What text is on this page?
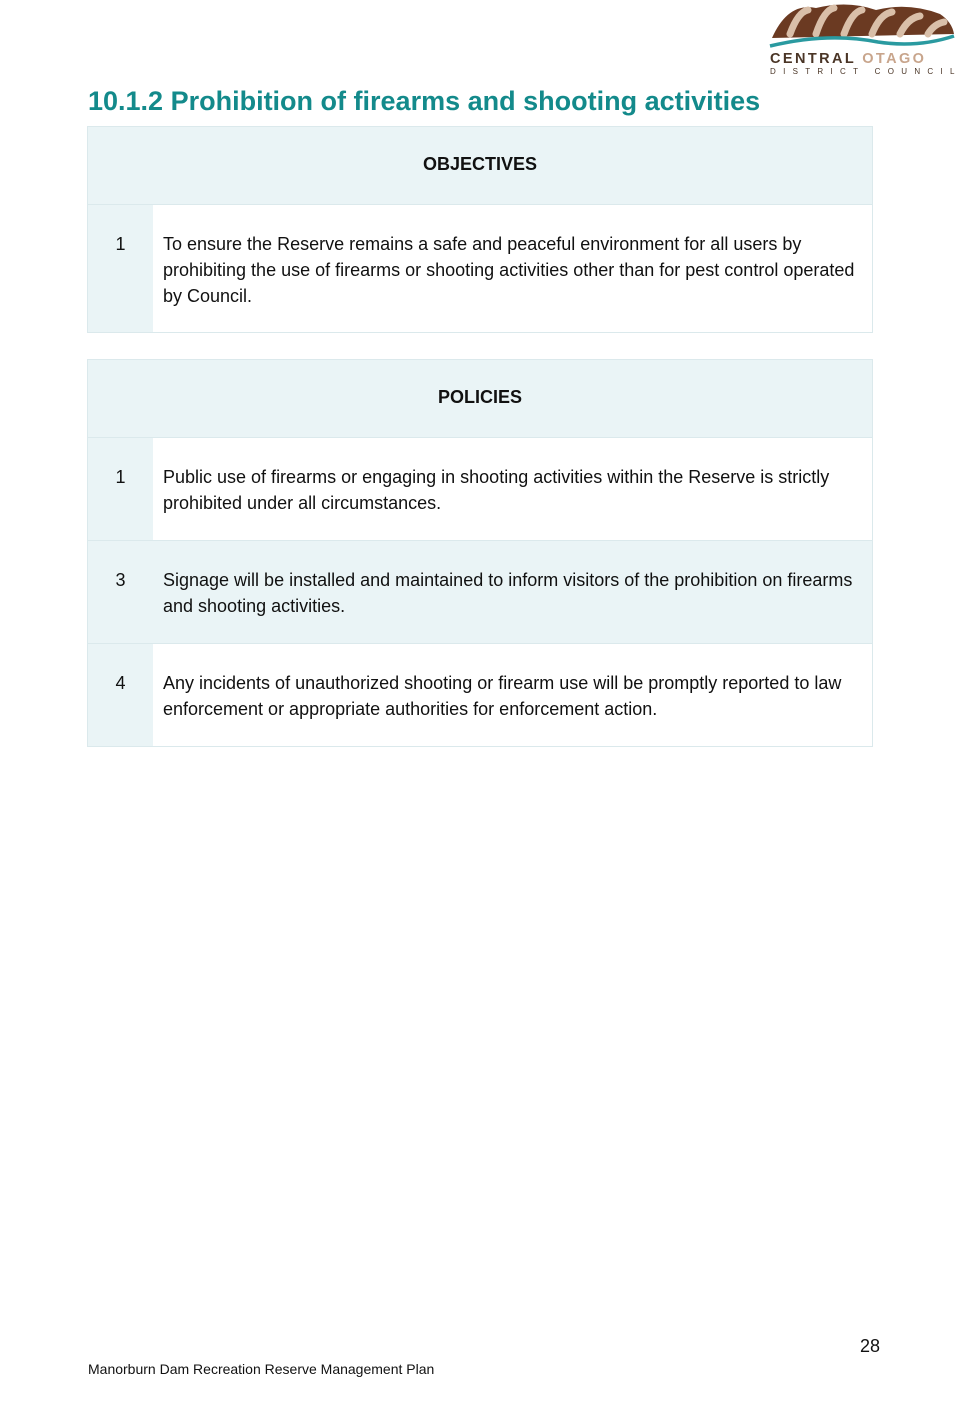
CENTRAL OTAGO
DISTRICT COUNCIL
10.1.2 Prohibition of firearms and shooting activities
OBJECTIVES
1	To ensure the Reserve remains a safe and peaceful environment for all users by prohibiting the use of firearms or shooting activities other than for pest control operated by Council.
POLICIES
1	Public use of firearms or engaging in shooting activities within the Reserve is strictly prohibited under all circumstances.
3	Signage will be installed and maintained to inform visitors of the prohibition on firearms and shooting activities.
4	Any incidents of unauthorized shooting or firearm use will be promptly reported to law enforcement or appropriate authorities for enforcement action.
28
Manorburn Dam Recreation Reserve Management Plan
